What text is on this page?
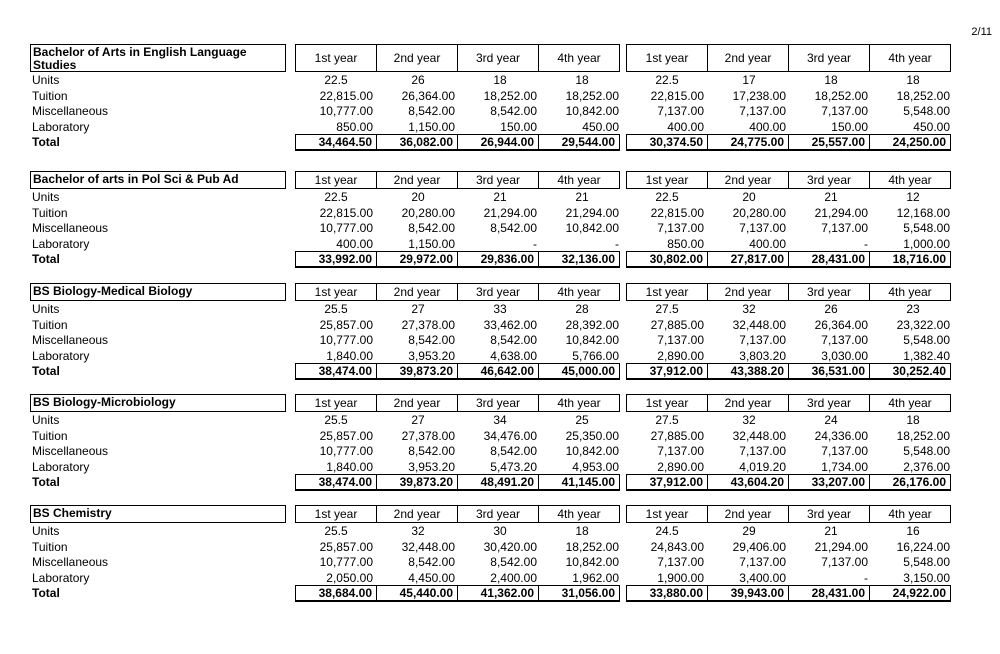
2/11
Bachelor of Arts in English Language Studies	1st year	2nd year	3rd year	4th year	1st year	2nd year	3rd year	4th year
Units	22.5	26	18	18	22.5	17	18	18
Tuition	22,815.00	26,364.00	18,252.00	18,252.00	22,815.00	17,238.00	18,252.00	18,252.00
Miscellaneous	10,777.00	8,542.00	8,542.00	10,842.00	7,137.00	7,137.00	7,137.00	5,548.00
Laboratory	850.00	1,150.00	150.00	450.00	400.00	400.00	150.00	450.00
Total	34,464.50	36,082.00	26,944.00	29,544.00	30,374.50	24,775.00	25,557.00	24,250.00
Bachelor of arts in Pol Sci & Pub Ad	1st year	2nd year	3rd year	4th year	1st year	2nd year	3rd year	4th year
Units	22.5	20	21	21	22.5	20	21	12
Tuition	22,815.00	20,280.00	21,294.00	21,294.00	22,815.00	20,280.00	21,294.00	12,168.00
Miscellaneous	10,777.00	8,542.00	8,542.00	10,842.00	7,137.00	7,137.00	7,137.00	5,548.00
Laboratory	400.00	1,150.00	-	-	850.00	400.00	-	1,000.00
Total	33,992.00	29,972.00	29,836.00	32,136.00	30,802.00	27,817.00	28,431.00	18,716.00
BS Biology-Medical Biology	1st year	2nd year	3rd year	4th year	1st year	2nd year	3rd year	4th year
Units	25.5	27	33	28	27.5	32	26	23
Tuition	25,857.00	27,378.00	33,462.00	28,392.00	27,885.00	32,448.00	26,364.00	23,322.00
Miscellaneous	10,777.00	8,542.00	8,542.00	10,842.00	7,137.00	7,137.00	7,137.00	5,548.00
Laboratory	1,840.00	3,953.20	4,638.00	5,766.00	2,890.00	3,803.20	3,030.00	1,382.40
Total	38,474.00	39,873.20	46,642.00	45,000.00	37,912.00	43,388.20	36,531.00	30,252.40
BS Biology-Microbiology	1st year	2nd year	3rd year	4th year	1st year	2nd year	3rd year	4th year
Units	25.5	27	34	25	27.5	32	24	18
Tuition	25,857.00	27,378.00	34,476.00	25,350.00	27,885.00	32,448.00	24,336.00	18,252.00
Miscellaneous	10,777.00	8,542.00	8,542.00	10,842.00	7,137.00	7,137.00	7,137.00	5,548.00
Laboratory	1,840.00	3,953.20	5,473.20	4,953.00	2,890.00	4,019.20	1,734.00	2,376.00
Total	38,474.00	39,873.20	48,491.20	41,145.00	37,912.00	43,604.20	33,207.00	26,176.00
BS Chemistry	1st year	2nd year	3rd year	4th year	1st year	2nd year	3rd year	4th year
Units	25.5	32	30	18	24.5	29	21	16
Tuition	25,857.00	32,448.00	30,420.00	18,252.00	24,843.00	29,406.00	21,294.00	16,224.00
Miscellaneous	10,777.00	8,542.00	8,542.00	10,842.00	7,137.00	7,137.00	7,137.00	5,548.00
Laboratory	2,050.00	4,450.00	2,400.00	1,962.00	1,900.00	3,400.00	-	3,150.00
Total	38,684.00	45,440.00	41,362.00	31,056.00	33,880.00	39,943.00	28,431.00	24,922.00
